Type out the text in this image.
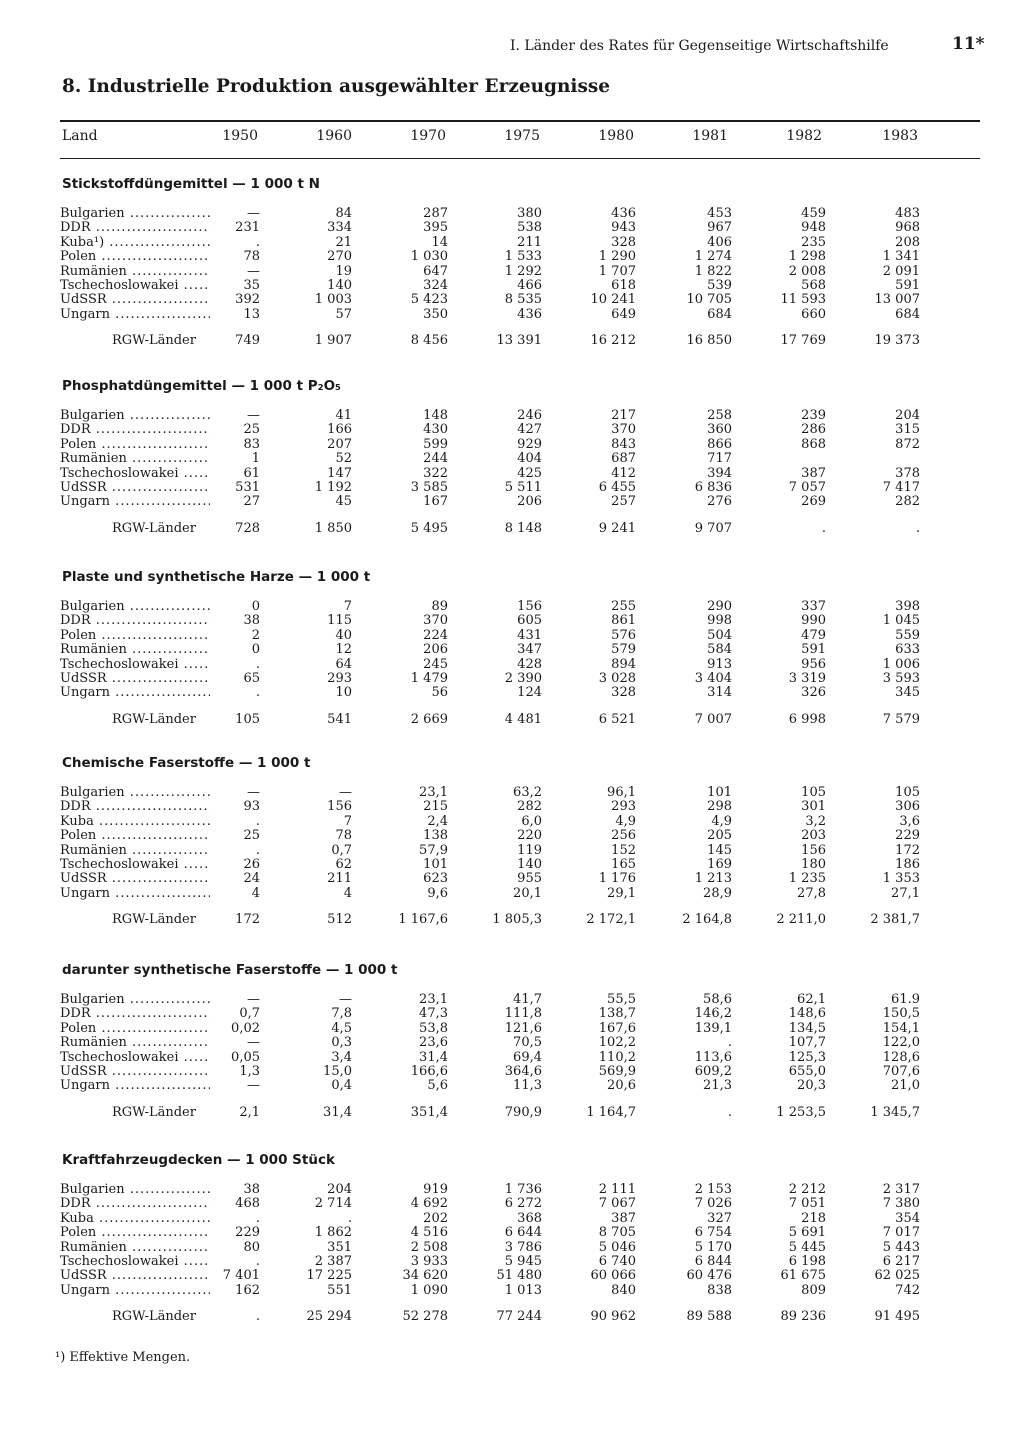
I. Länder des Rates für Gegenseitige Wirtschaftshilfe	11*
8. Industrielle Produktion ausgewählter Erzeugnisse
Land	1950	1960	1970	1975	1980	1981	1982	1983
Stickstoffdüngemittel — 1 000 t N
Bulgarien .....	—	84	287	380	436	453	459	483
DDR .....	231	334	395	538	943	967	948	968
Kuba¹) .....	.	21	14	211	328	406	235	208
Polen .....	78	270	1 030	1 533	1 290	1 274	1 298	1 341
Rumänien .....	—	19	647	1 292	1 707	1 822	2 008	2 091
Tschechoslowakei .....	35	140	324	466	618	539	568	591
UdSSR .....	392	1 003	5 423	8 535	10 241	10 705	11 593	13 007
Ungarn .....	13	57	350	436	649	684	660	684
RGW-Länder	749	1 907	8 456	13 391	16 212	16 850	17 769	19 373
Phosphatdüngemittel — 1 000 t P₂O₅
Bulgarien .....	—	41	148	246	217	258	239	204
DDR .....	25	166	430	427	370	360	286	315
Polen .....	83	207	599	929	843	866	868	872
Rumänien .....	1	52	244	404	687	717
Tschechoslowakei .....	61	147	322	425	412	394	387	378
UdSSR .....	531	1 192	3 585	5 511	6 455	6 836	7 057	7 417
Ungarn .....	27	45	167	206	257	276	269	282
RGW-Länder	728	1 850	5 495	8 148	9 241	9 707	.	.
Plaste und synthetische Harze — 1 000 t
Bulgarien .....	0	7	89	156	255	290	337	398
DDR .....	38	115	370	605	861	998	990	1 045
Polen .....	2	40	224	431	576	504	479	559
Rumänien .....	0	12	206	347	579	584	591	633
Tschechoslowakei .....	.	64	245	428	894	913	956	1 006
UdSSR .....	65	293	1 479	2 390	3 028	3 404	3 319	3 593
Ungarn .....	.	10	56	124	328	314	326	345
RGW-Länder	105	541	2 669	4 481	6 521	7 007	6 998	7 579
Chemische Faserstoffe — 1 000 t
Bulgarien .....	—	—	23,1	63,2	96,1	101	105	105
DDR .....	93	156	215	282	293	298	301	306
Kuba .....	.	7	2,4	6,0	4,9	4,9	3,2	3,6
Polen .....	25	78	138	220	256	205	203	229
Rumänien .....	.	0,7	57,9	119	152	145	156	172
Tschechoslowakei .....	26	62	101	140	165	169	180	186
UdSSR .....	24	211	623	955	1 176	1 213	1 235	1 353
Ungarn .....	4	4	9,6	20,1	29,1	28,9	27,8	27,1
RGW-Länder	172	512	1 167,6	1 805,3	2 172,1	2 164,8	2 211,0	2 381,7
darunter synthetische Faserstoffe — 1 000 t
Bulgarien .....	—	—	23,1	41,7	55,5	58,6	62,1	61.9
DDR .....	0,7	7,8	47,3	111,8	138,7	146,2	148,6	150,5
Polen .....	0,02	4,5	53,8	121,6	167,6	139,1	134,5	154,1
Rumänien .....	—	0,3	23,6	70,5	102,2	.	107,7	122,0
Tschechoslowakei .....	0,05	3,4	31,4	69,4	110,2	113,6	125,3	128,6
UdSSR .....	1,3	15,0	166,6	364,6	569,9	609,2	655,0	707,6
Ungarn .....	—	0,4	5,6	11,3	20,6	21,3	20,3	21,0
RGW-Länder	2,1	31,4	351,4	790,9	1 164,7	.	1 253,5	1 345,7
Kraftfahrzeugdecken — 1 000 Stück
Bulgarien .....	38	204	919	1 736	2 111	2 153	2 212	2 317
DDR .....	468	2 714	4 692	6 272	7 067	7 026	7 051	7 380
Kuba .....	.	.	202	368	387	327	218	354
Polen .....	229	1 862	4 516	6 644	8 705	6 754	5 691	7 017
Rumänien .....	80	351	2 508	3 786	5 046	5 170	5 445	5 443
Tschechoslowakei .....	.	2 387	3 933	5 945	6 740	6 844	6 198	6 217
UdSSR .....	7 401	17 225	34 620	51 480	60 066	60 476	61 675	62 025
Ungarn .....	162	551	1 090	1 013	840	838	809	742
RGW-Länder	.	25 294	52 278	77 244	90 962	89 588	89 236	91 495
¹) Effektive Mengen.
